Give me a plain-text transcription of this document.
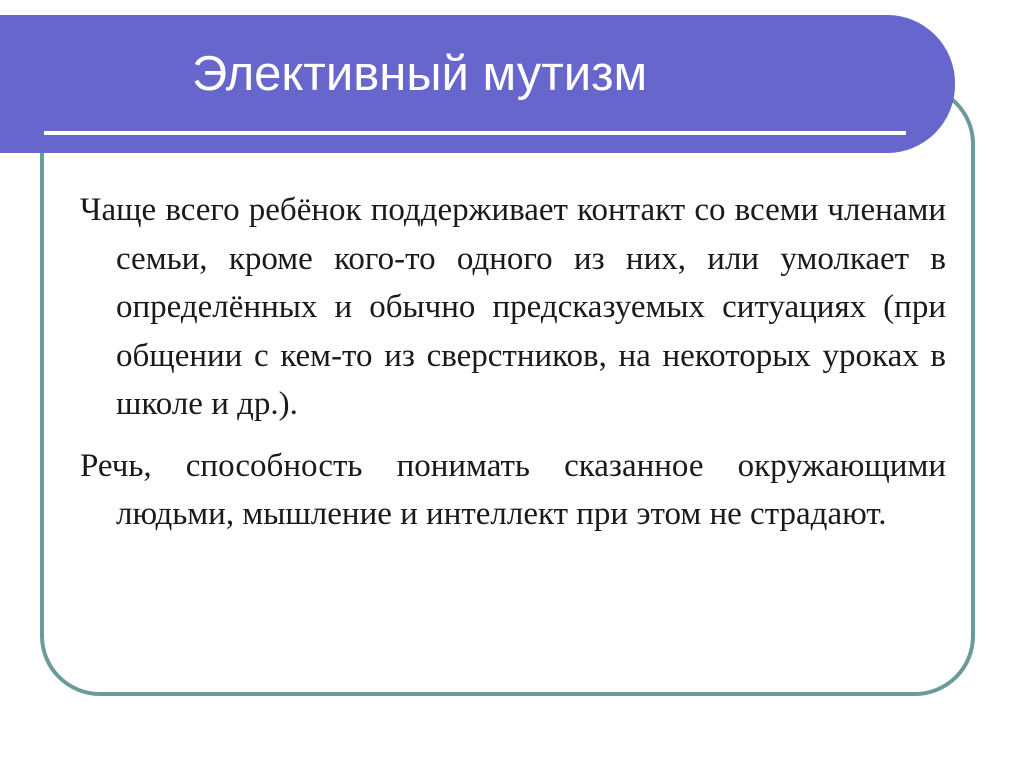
Элективный мутизм

Чаще всего ребёнок поддерживает контакт со всеми членами семьи, кроме кого-то одного из них, или умолкает в определённых и обычно предсказуемых ситуациях (при общении с кем-то из сверстников, на некоторых уроках в школе и др.).

Речь, способность понимать сказанное окружающими людьми, мышление и интеллект при этом не страдают.
